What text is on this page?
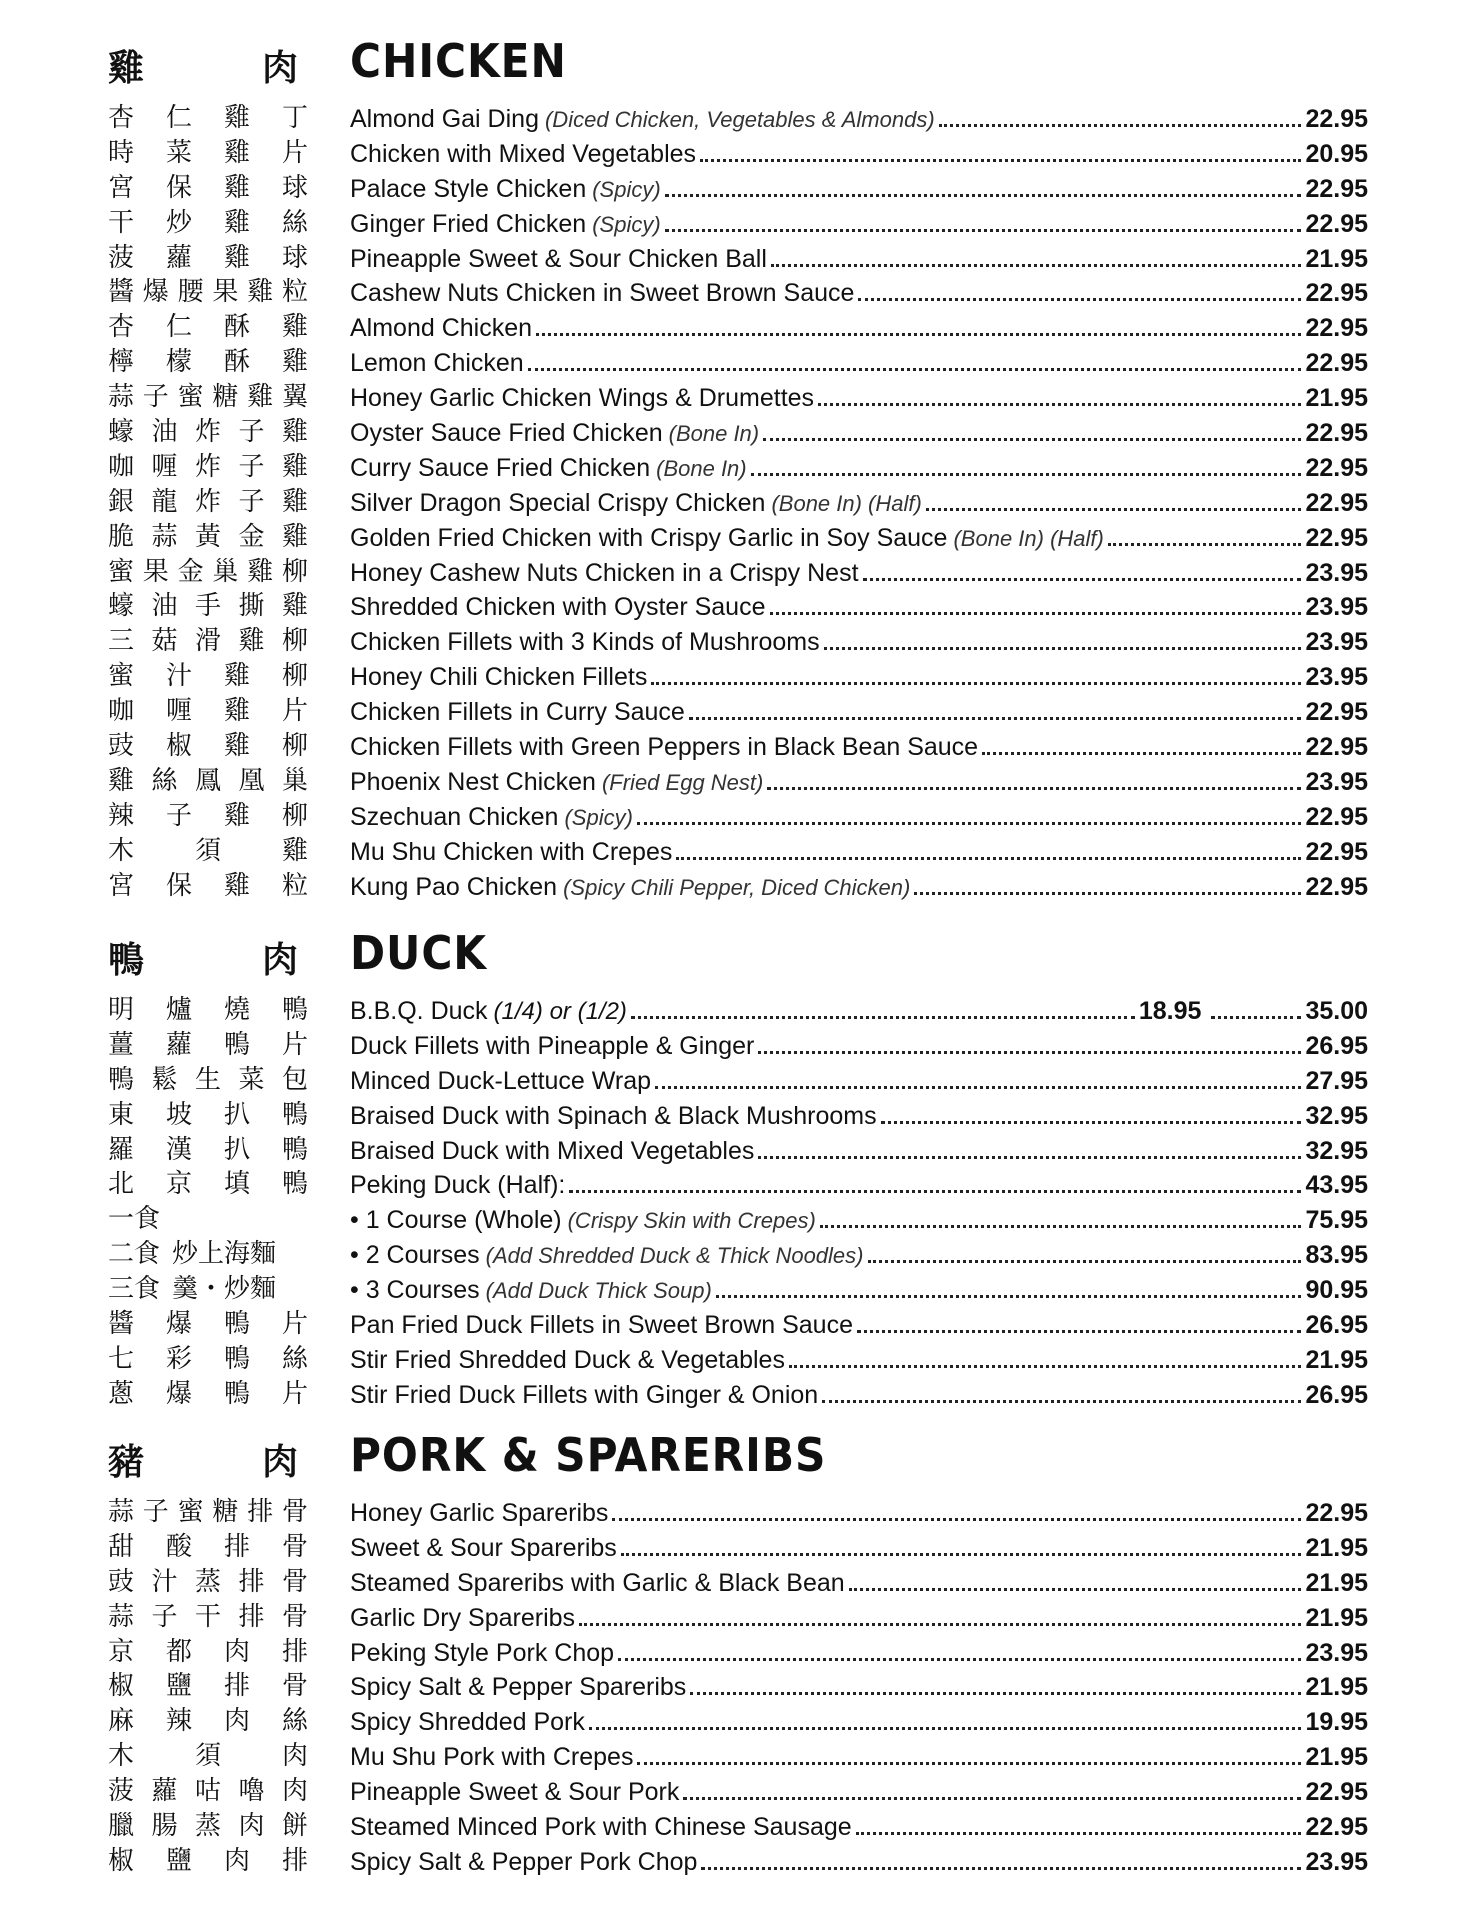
雞	肉 CHICKEN
杏 仁 雞 丁 Almond Gai Ding (Diced Chicken, Vegetables & Almonds)	22.95
時 菜 雞 片 Chicken with Mixed Vegetables	20.95
宮 保 雞 球 Palace Style Chicken (Spicy)	22.95
干 炒 雞 絲 Ginger Fried Chicken (Spicy)	22.95
菠 蘿 雞 球 Pineapple Sweet & Sour Chicken Ball	21.95
醬 爆 腰 果 雞 粒 Cashew Nuts Chicken in Sweet Brown Sauce	22.95
杏 仁 酥 雞 Almond Chicken	22.95
檸 檬 酥 雞 Lemon Chicken	22.95
蒜 子 蜜 糖 雞 翼 Honey Garlic Chicken Wings & Drumettes	21.95
蠔 油 炸 子 雞 Oyster Sauce Fried Chicken (Bone In)	22.95
咖 喱 炸 子 雞 Curry Sauce Fried Chicken (Bone In)	22.95
銀 龍 炸 子 雞 Silver Dragon Special Crispy Chicken (Bone In) (Half)	22.95
脆 蒜 黃 金 雞 Golden Fried Chicken with Crispy Garlic in Soy Sauce (Bone In) (Half)	22.95
蜜 果 金 巢 雞 柳 Honey Cashew Nuts Chicken in a Crispy Nest	23.95
蠔 油 手 撕 雞 Shredded Chicken with Oyster Sauce	23.95
三 菇 滑 雞 柳 Chicken Fillets with 3 Kinds of Mushrooms	23.95
蜜 汁 雞 柳 Honey Chili Chicken Fillets	23.95
咖 喱 雞 片 Chicken Fillets in Curry Sauce	22.95
豉 椒 雞 柳 Chicken Fillets with Green Peppers in Black Bean Sauce	22.95
雞 絲 鳳 凰 巢 Phoenix Nest Chicken (Fried Egg Nest)	23.95
辣 子 雞 柳 Szechuan Chicken (Spicy)	22.95
木 須 雞 Mu Shu Chicken with Crepes	22.95
宮 保 雞 粒 Kung Pao Chicken (Spicy Chili Pepper, Diced Chicken)	22.95
鴨	肉 DUCK
明 爐 燒 鴨 B.B.Q. Duck (1/4) or (1/2)	18.95	35.00
薑 蘿 鴨 片 Duck Fillets with Pineapple & Ginger	26.95
鴨 鬆 生 菜 包 Minced Duck-Lettuce Wrap	27.95
東 坡 扒 鴨 Braised Duck with Spinach & Black Mushrooms	32.95
羅 漢 扒 鴨 Braised Duck with Mixed Vegetables	32.95
北 京 填 鴨 Peking Duck (Half):	43.95
一食	• 1 Course (Whole) (Crispy Skin with Crepes)	75.95
二食 炒上海麵	• 2 Courses (Add Shredded Duck & Thick Noodles)	83.95
三食 羹・炒麵	• 3 Courses (Add Duck Thick Soup)	90.95
醬 爆 鴨 片 Pan Fried Duck Fillets in Sweet Brown Sauce	26.95
七 彩 鴨 絲 Stir Fried Shredded Duck & Vegetables	21.95
蔥 爆 鴨 片 Stir Fried Duck Fillets with Ginger & Onion	26.95
豬	肉 PORK & SPARERIBS
蒜 子 蜜 糖 排 骨 Honey Garlic Spareribs	22.95
甜 酸 排 骨 Sweet & Sour Spareribs	21.95
豉 汁 蒸 排 骨 Steamed Spareribs with Garlic & Black Bean	21.95
蒜 子 干 排 骨 Garlic Dry Spareribs	21.95
京 都 肉 排 Peking Style Pork Chop	23.95
椒 鹽 排 骨 Spicy Salt & Pepper Spareribs	21.95
麻 辣 肉 絲 Spicy Shredded Pork	19.95
木 須 肉 Mu Shu Pork with Crepes	21.95
菠 蘿 咕 嚕 肉 Pineapple Sweet & Sour Pork	22.95
臘 腸 蒸 肉 餅 Steamed Minced Pork with Chinese Sausage	22.95
椒 鹽 肉 排 Spicy Salt & Pepper Pork Chop	23.95
